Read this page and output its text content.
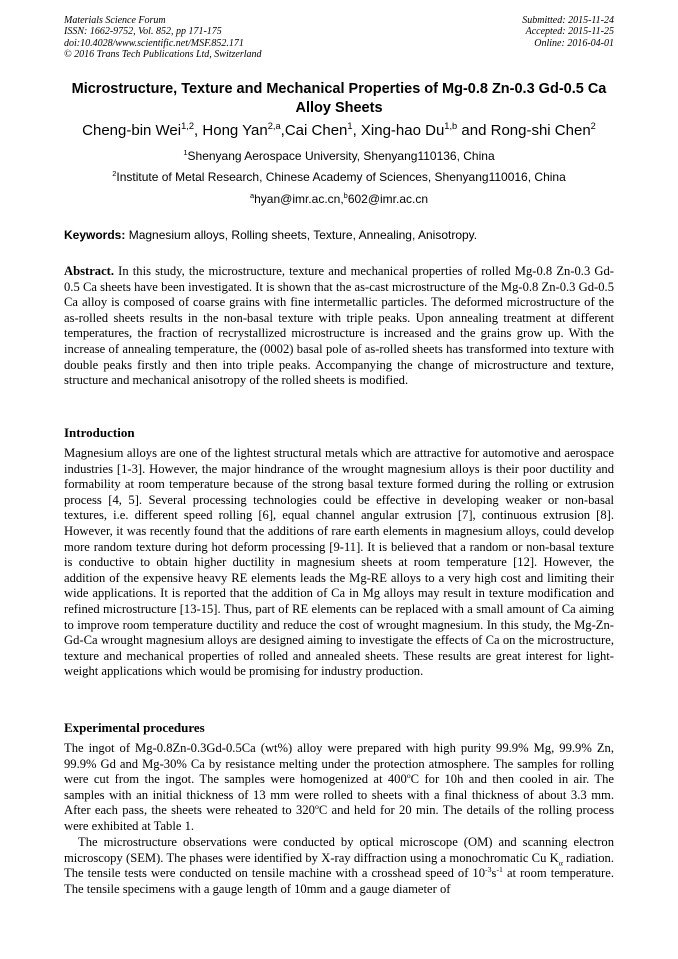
Materials Science Forum
ISSN: 1662-9752, Vol. 852, pp 171-175
doi:10.4028/www.scientific.net/MSF.852.171
© 2016 Trans Tech Publications Ltd, Switzerland
Submitted: 2015-11-24
Accepted: 2015-11-25
Online: 2016-04-01
Microstructure, Texture and Mechanical Properties of Mg-0.8 Zn-0.3 Gd-0.5 Ca Alloy Sheets
Cheng-bin Wei$^{1,2}$, Hong Yan$^{2,a}$,Cai Chen$^1$, Xing-hao Du$^{1,b}$ and Rong-shi Chen$^2$
$^1$Shenyang Aerospace University, Shenyang110136, China
$^2$Institute of Metal Research, Chinese Academy of Sciences, Shenyang110016, China
$^a$hyan@imr.ac.cn,$^b$602@imr.ac.cn
Keywords: Magnesium alloys, Rolling sheets, Texture, Annealing, Anisotropy.
Abstract. In this study, the microstructure, texture and mechanical properties of rolled Mg-0.8 Zn-0.3 Gd-0.5 Ca sheets have been investigated. It is shown that the as-cast microstructure of the Mg-0.8 Zn-0.3 Gd-0.5 Ca alloy is composed of coarse grains with fine intermetallic particles. The deformed microstructure of the as-rolled sheets results in the non-basal texture with triple peaks. Upon annealing treatment at different temperatures, the fraction of recrystallized microstructure is increased and the grains grow up. With the increase of annealing temperature, the (0002) basal pole of as-rolled sheets has transformed into texture with double peaks firstly and then into triple peaks. Accompanying the change of microstructure and texture, structure and mechanical anisotropy of the rolled sheets is modified.
Introduction
Magnesium alloys are one of the lightest structural metals which are attractive for automotive and aerospace industries [1-3]. However, the major hindrance of the wrought magnesium alloys is their poor ductility and formability at room temperature because of the strong basal texture formed during the rolling or extrusion process [4, 5]. Several processing technologies could be effective in developing weaker or non-basal textures, i.e. different speed rolling [6], equal channel angular extrusion [7], continuous extrusion [8]. However, it was recently found that the additions of rare earth elements in magnesium alloys, could develop more random texture during hot deform processing [9-11]. It is believed that a random or non-basal texture is conductive to obtain higher ductility in magnesium sheets at room temperature [12]. However, the addition of the expensive heavy RE elements leads the Mg-RE alloys to a very high cost and limiting their wide applications. It is reported that the addition of Ca in Mg alloys may result in texture modification and refined microstructure [13-15]. Thus, part of RE elements can be replaced with a small amount of Ca aiming to improve room temperature ductility and reduce the cost of wrought magnesium. In this study, the Mg-Zn-Gd-Ca wrought magnesium alloys are designed aiming to investigate the effects of Ca on the microstructure, texture and mechanical properties of rolled and annealed sheets. These results are great interest for light-weight applications which would be promising for industry production.
Experimental procedures
The ingot of Mg-0.8Zn-0.3Gd-0.5Ca (wt%) alloy were prepared with high purity 99.9% Mg, 99.9% Zn, 99.9% Gd and Mg-30% Ca by resistance melting under the protection atmosphere. The samples for rolling were cut from the ingot. The samples were homogenized at 400$^o$C for 10h and then cooled in air. The samples with an initial thickness of 13 mm were rolled to sheets with a final thickness of about 3.3 mm. After each pass, the sheets were reheated to 320$^o$C and held for 20 min. The details of the rolling process were exhibited at Table 1.
The microstructure observations were conducted by optical microscope (OM) and scanning electron microscopy (SEM). The phases were identified by X-ray diffraction using a monochromatic Cu $K_\alpha$ radiation. The tensile tests were conducted on tensile machine with a crosshead speed of $10^{-3}s^{-1}$ at room temperature. The tensile specimens with a gauge length of 10mm and a gauge diameter of
